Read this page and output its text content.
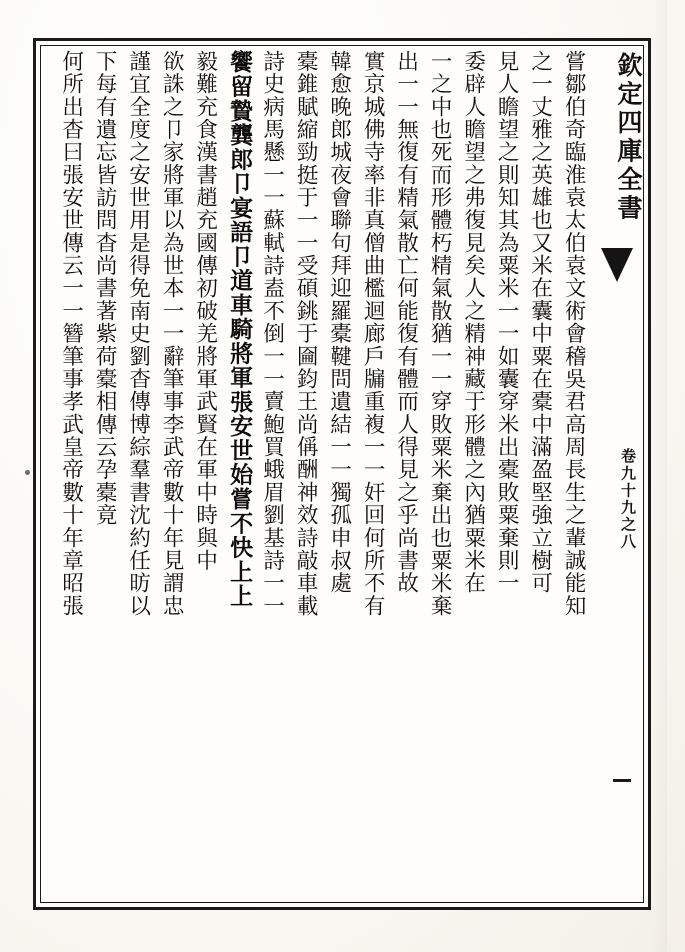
欽定四庫全書
卷九十九之八
嘗鄒伯奇臨淮袁太伯袁文術會稽吳君高周長生之輩誠能知
之一丈雅之英雄也又米在囊中粟在橐中滿盈堅強立樹可
見人瞻望之則知其為粟米一一如囊穿米出橐敗粟棄則一
委辟人瞻望之弗復見矣人之精神藏于形體之內猶粟米在
一之中也死而形體朽精氣散猶一一穿敗粟米棄出也粟米棄
出一一無復有精氣散亡何能復有體而人得見之乎尚書故
實京城佛寺率非真僧曲檻迴廊戶牖重複一一奸回何所不有
韓愈晚郎城夜會聯句拜迎羅橐鞬問遺結一一獨孤申叔處
橐錐賦縮勁挺于一一受碩銚于圇鈞王尚偁酬神效詩敲車載
詩史病馬懸一一蘇軾詩盍不倒一一賣鮑買蛾眉劉基詩一一
饗留贄龔郎卩宴語卩道車騎將軍張安世始嘗不快上上
毅難充食漢書趙充國傳初破羌將軍武賢在軍中時與中
欲誅之卩家將軍以為世本一一辭筆事李武帝數十年見謂忠
謹宜全度之安世用是得免南史劉杳傳博綜羣書沈約任昉以
下每有遺忘皆訪問杳尚書著紫荷橐相傳云孕橐竟
何所出杳曰張安世傳云一一簪筆事孝武皇帝數十年章昭張
